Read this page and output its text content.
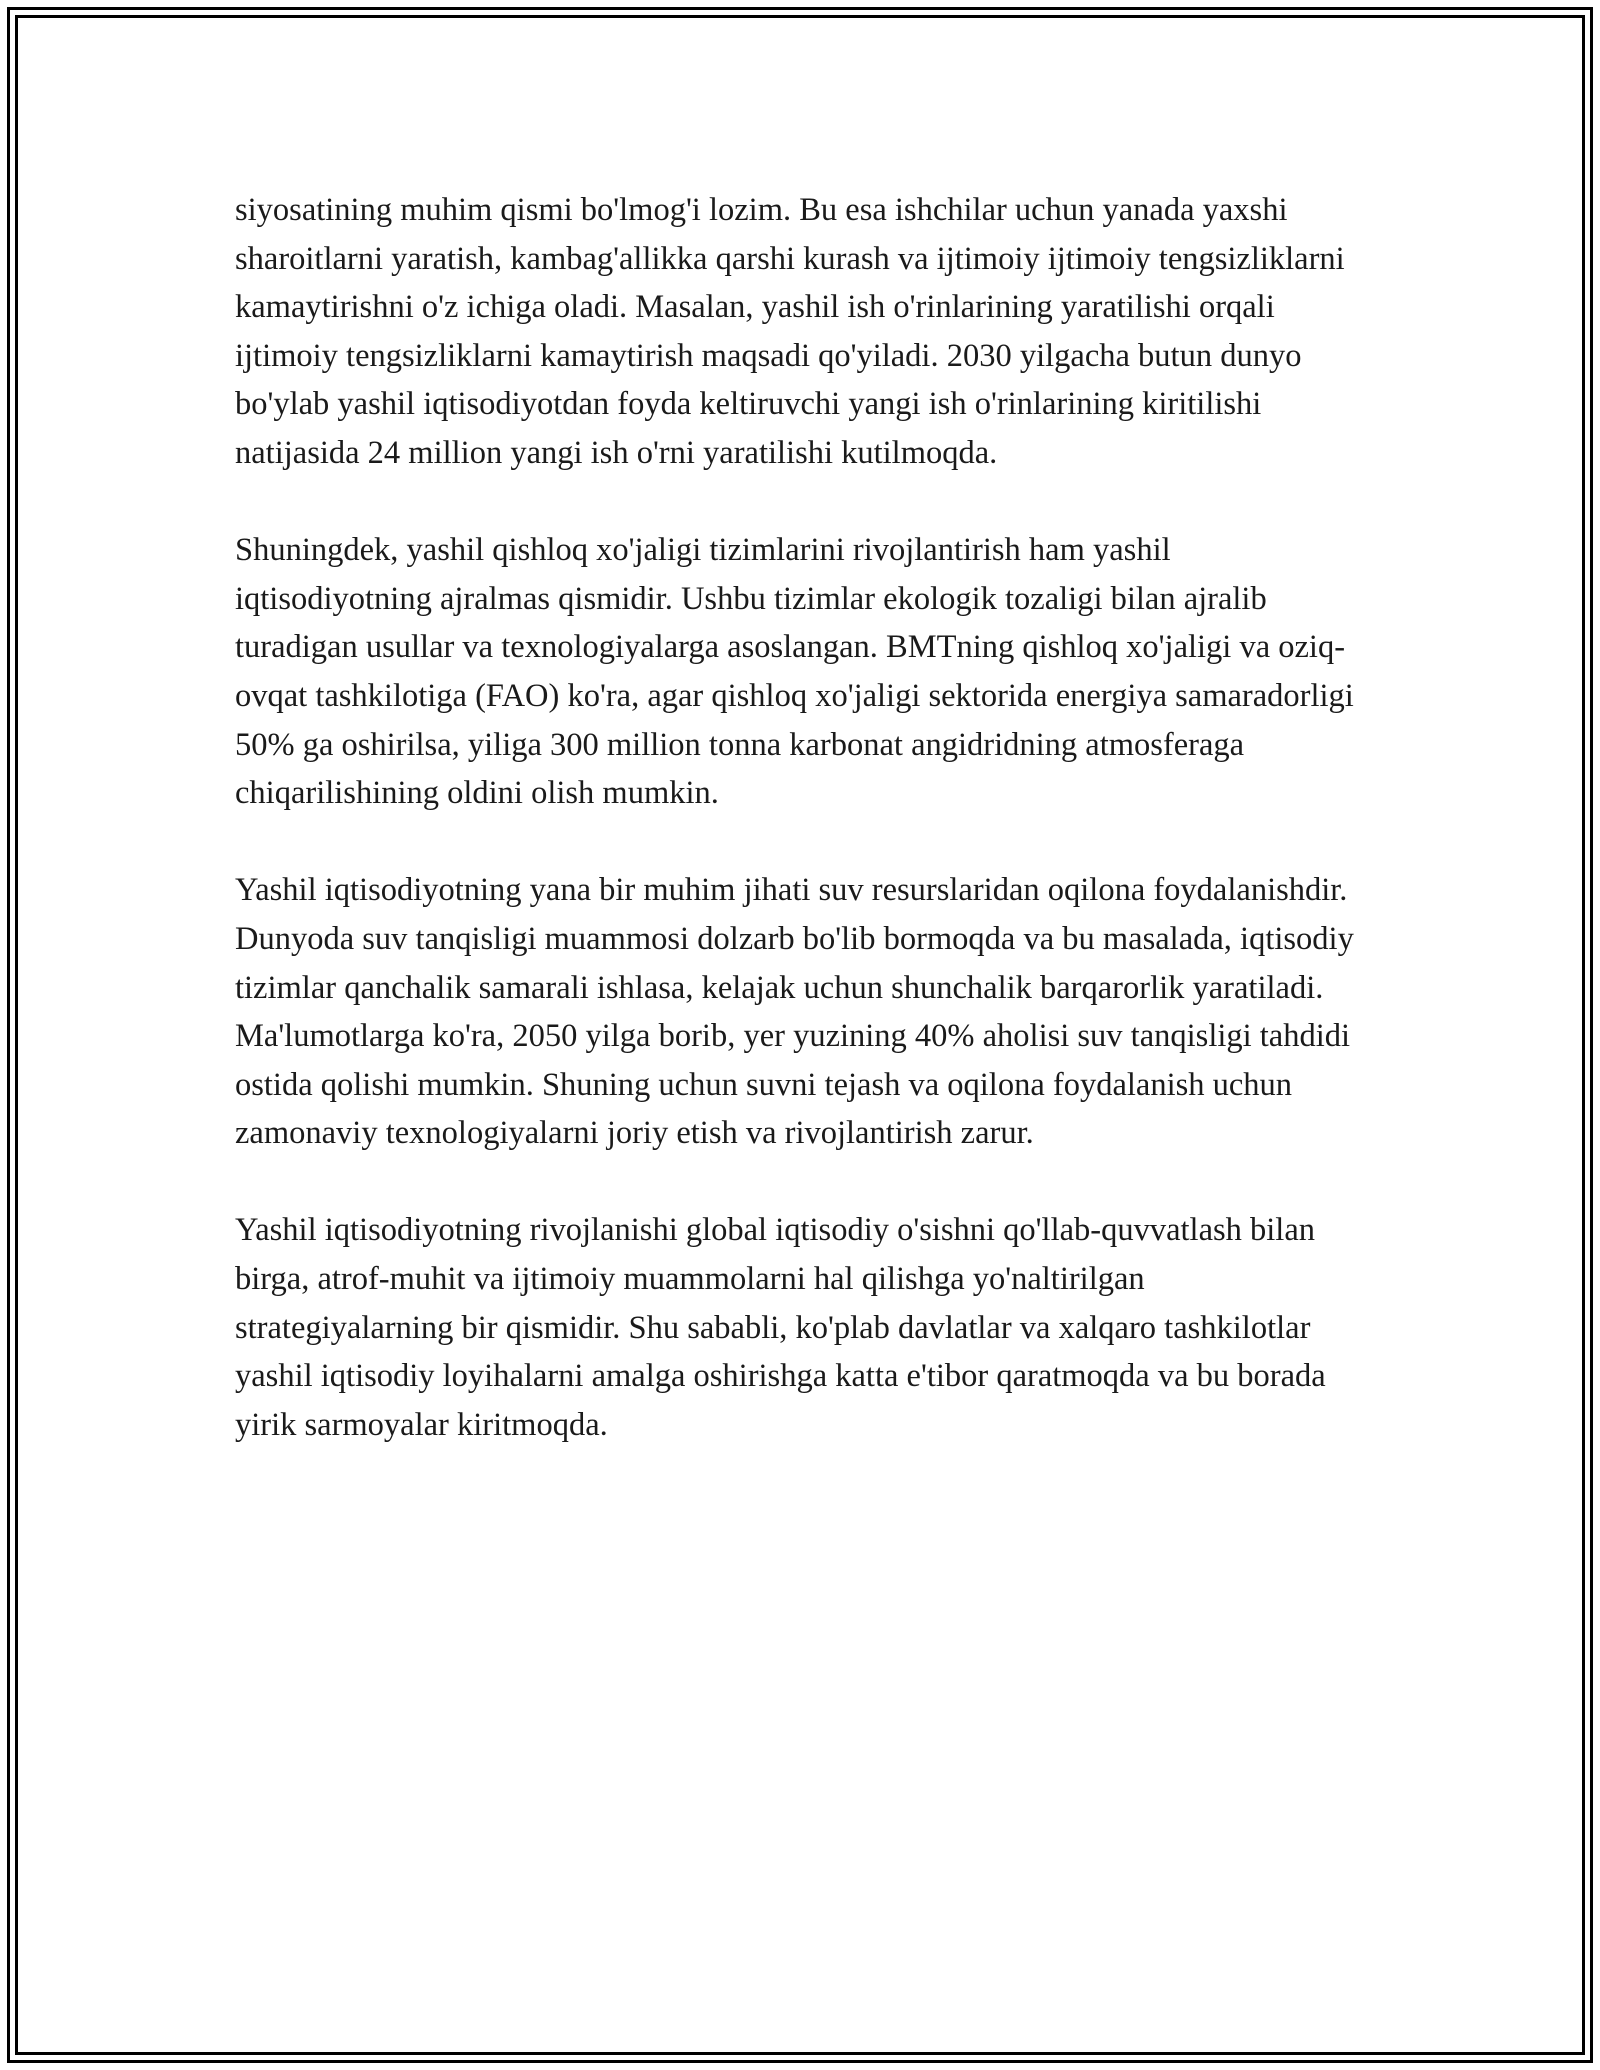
siyosatining muhim qismi bo'lmog'i lozim. Bu esa ishchilar uchun yanada yaxshi sharoitlarni yaratish, kambag'allikka qarshi kurash va ijtimoiy ijtimoiy tengsizliklarni kamaytirishni o'z ichiga oladi. Masalan, yashil ish o'rinlarining yaratilishi orqali ijtimoiy tengsizliklarni kamaytirish maqsadi qo'yiladi. 2030 yilgacha butun dunyo bo'ylab yashil iqtisodiyotdan foyda keltiruvchi yangi ish o'rinlarining kiritilishi natijasida 24 million yangi ish o'rni yaratilishi kutilmoqda.

Shuningdek, yashil qishloq xo'jaligi tizimlarini rivojlantirish ham yashil iqtisodiyotning ajralmas qismidir. Ushbu tizimlar ekologik tozaligi bilan ajralib turadigan usullar va texnologiyalarga asoslangan. BMTning qishloq xo'jaligi va oziq-ovqat tashkilotiga (FAO) ko'ra, agar qishloq xo'jaligi sektorida energiya samaradorligi 50% ga oshirilsa, yiliga 300 million tonna karbonat angidridning atmosferaga chiqarilishining oldini olish mumkin.

Yashil iqtisodiyotning yana bir muhim jihati suv resurslaridan oqilona foydalanishdir. Dunyoda suv tanqisligi muammosi dolzarb bo'lib bormoqda va bu masalada, iqtisodiy tizimlar qanchalik samarali ishlasa, kelajak uchun shunchalik barqarorlik yaratiladi. Ma'lumotlarga ko'ra, 2050 yilga borib, yer yuzining 40% aholisi suv tanqisligi tahdidi ostida qolishi mumkin. Shuning uchun suvni tejash va oqilona foydalanish uchun zamonaviy texnologiyalarni joriy etish va rivojlantirish zarur.

Yashil iqtisodiyotning rivojlanishi global iqtisodiy o'sishni qo'llab-quvvatlash bilan birga, atrof-muhit va ijtimoiy muammolarni hal qilishga yo'naltirilgan strategiyalarning bir qismidir. Shu sababli, ko'plab davlatlar va xalqaro tashkilotlar yashil iqtisodiy loyihalarni amalga oshirishga katta e'tibor qaratmoqda va bu borada yirik sarmoyalar kiritmoqda.
